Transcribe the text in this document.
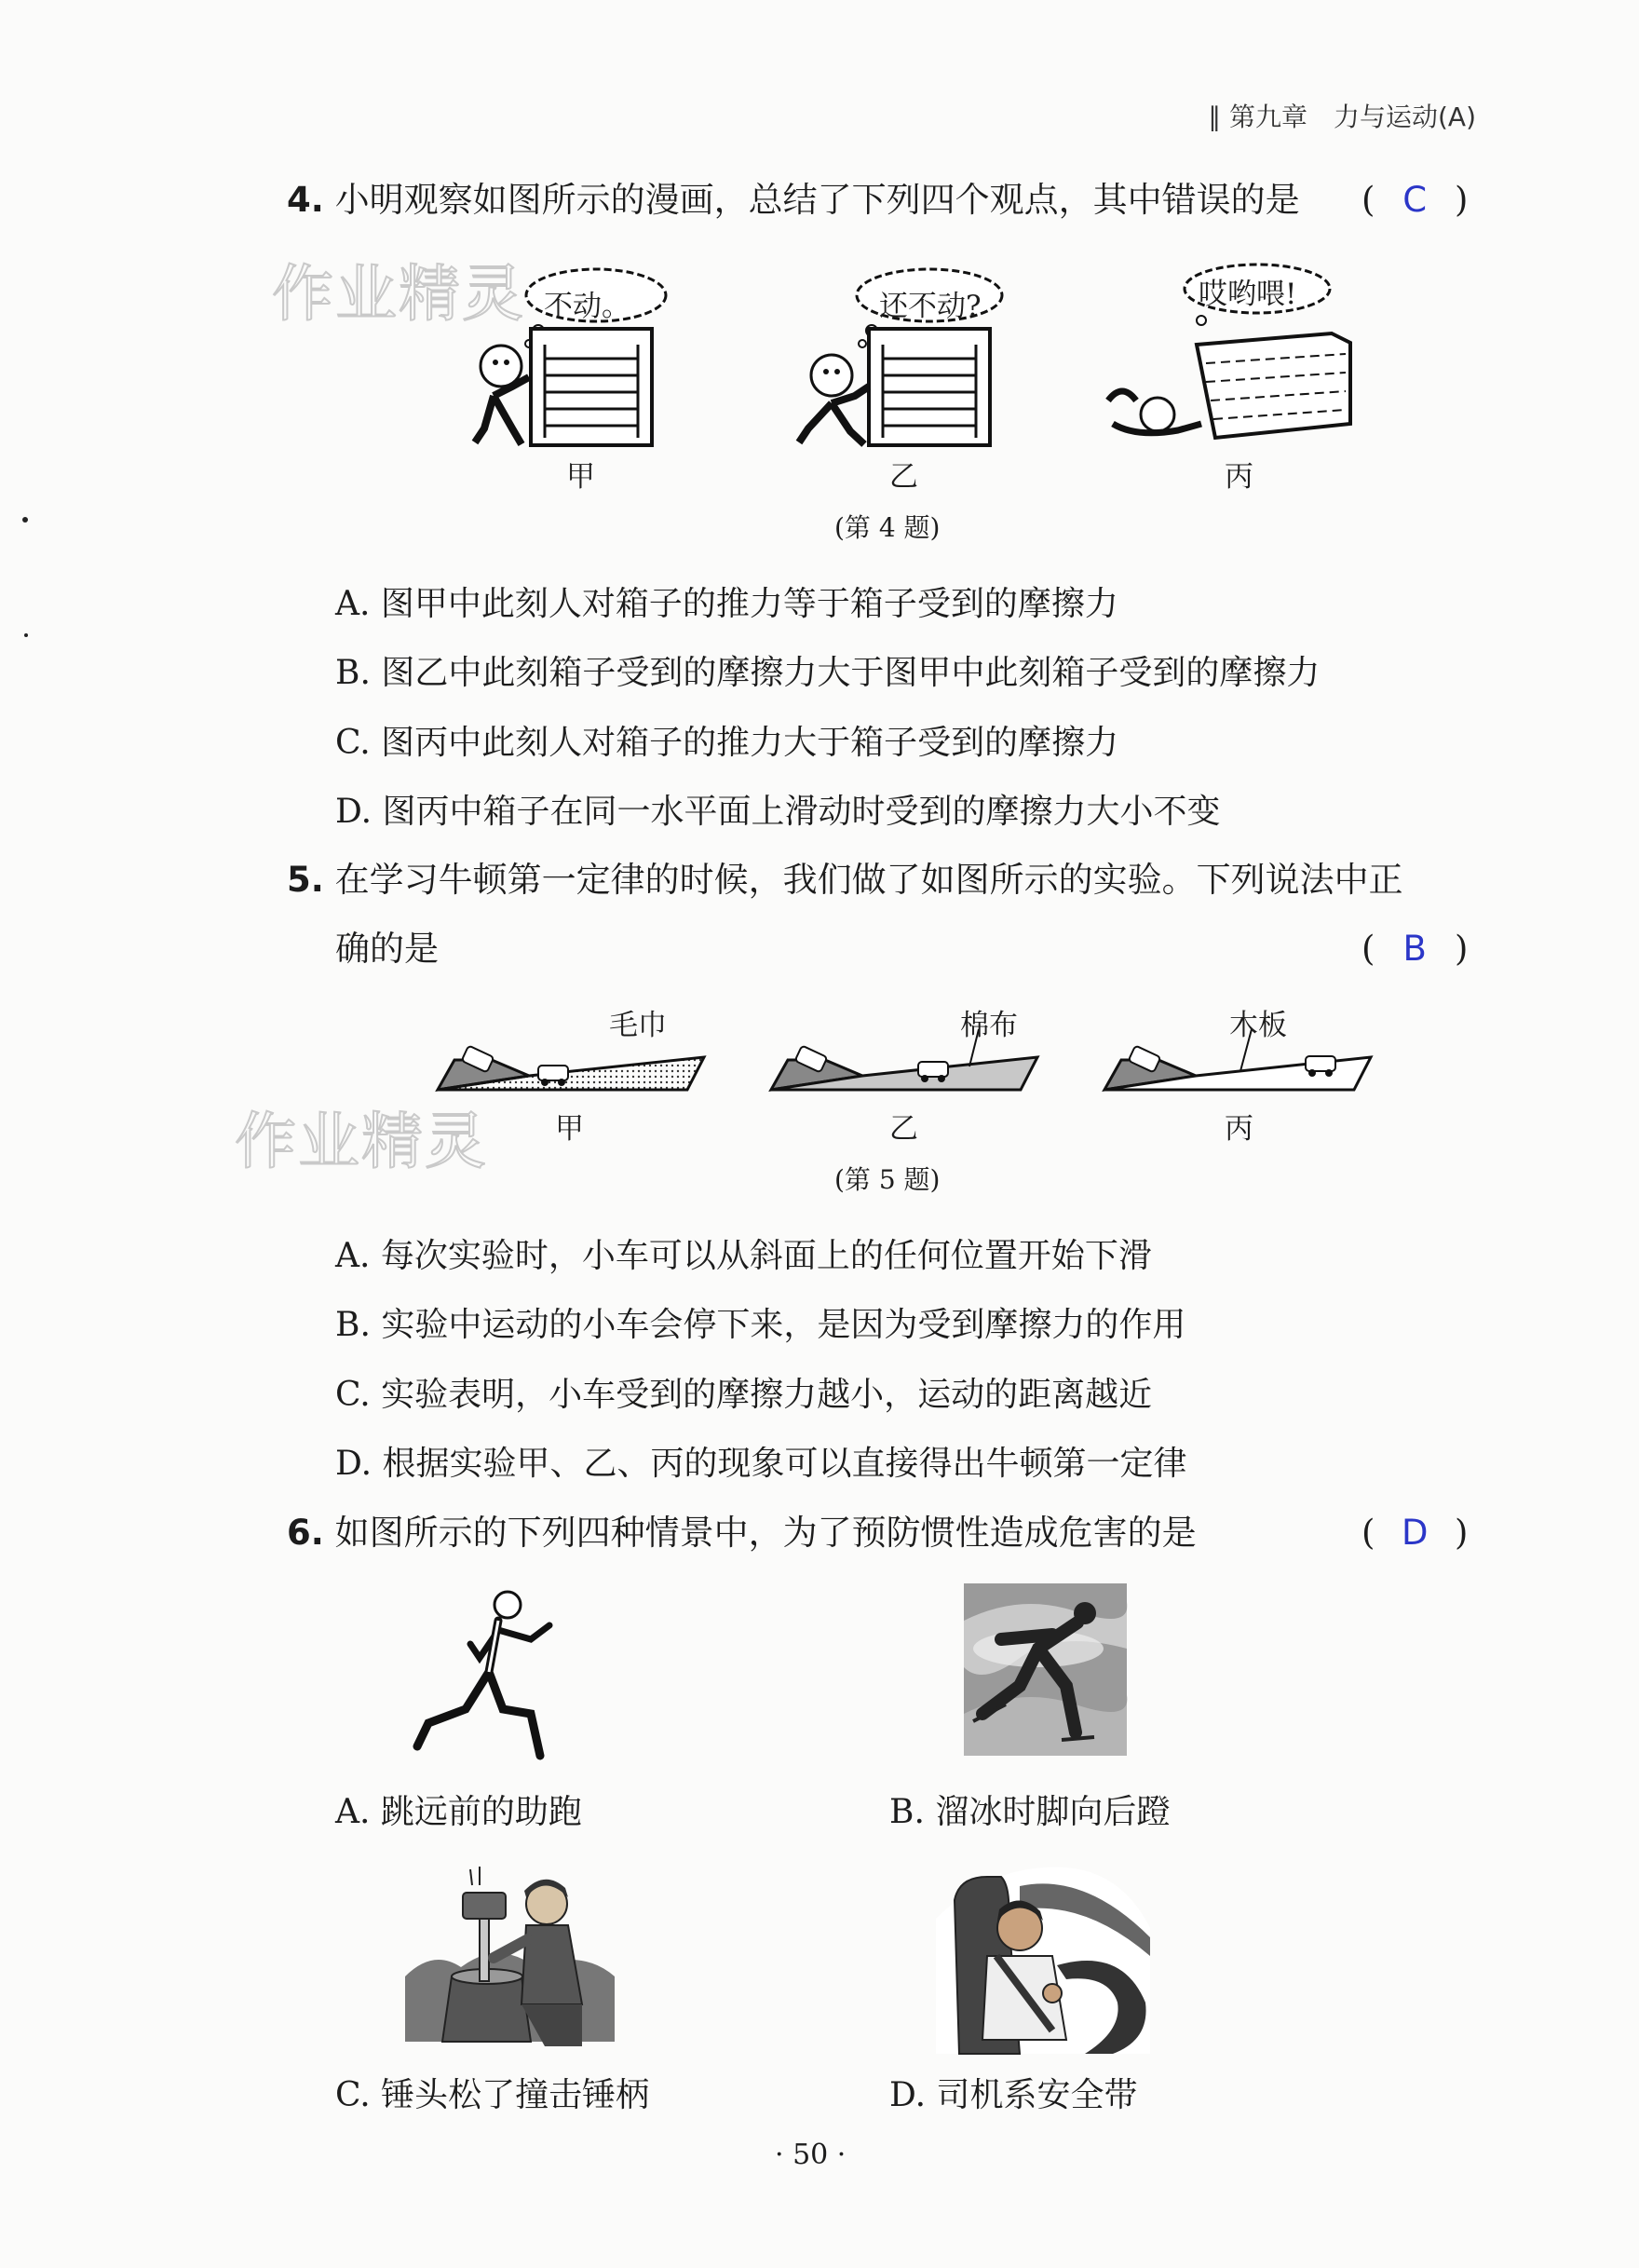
∥ 第九章　力与运动(A)
作业精灵
作业精灵
4. 小明观察如图所示的漫画，总结了下列四个观点，其中错误的是 ( C )
不动。	还不动?	哎哟喂!
甲	乙	丙
(第 4 题)
A. 图甲中此刻人对箱子的推力等于箱子受到的摩擦力
B. 图乙中此刻箱子受到的摩擦力大于图甲中此刻箱子受到的摩擦力
C. 图丙中此刻人对箱子的推力大于箱子受到的摩擦力
D. 图丙中箱子在同一水平面上滑动时受到的摩擦力大小不变
5. 在学习牛顿第一定律的时候，我们做了如图所示的实验。下列说法中正
确的是	( B )
毛巾	棉布	木板
甲	乙	丙
(第 5 题)
A. 每次实验时，小车可以从斜面上的任何位置开始下滑
B. 实验中运动的小车会停下来，是因为受到摩擦力的作用
C. 实验表明，小车受到的摩擦力越小，运动的距离越近
D. 根据实验甲、乙、丙的现象可以直接得出牛顿第一定律
6. 如图所示的下列四种情景中，为了预防惯性造成危害的是	( D )
A. 跳远前的助跑	B. 溜冰时脚向后蹬
C. 锤头松了撞击锤柄	D. 司机系安全带
· 50 ·
